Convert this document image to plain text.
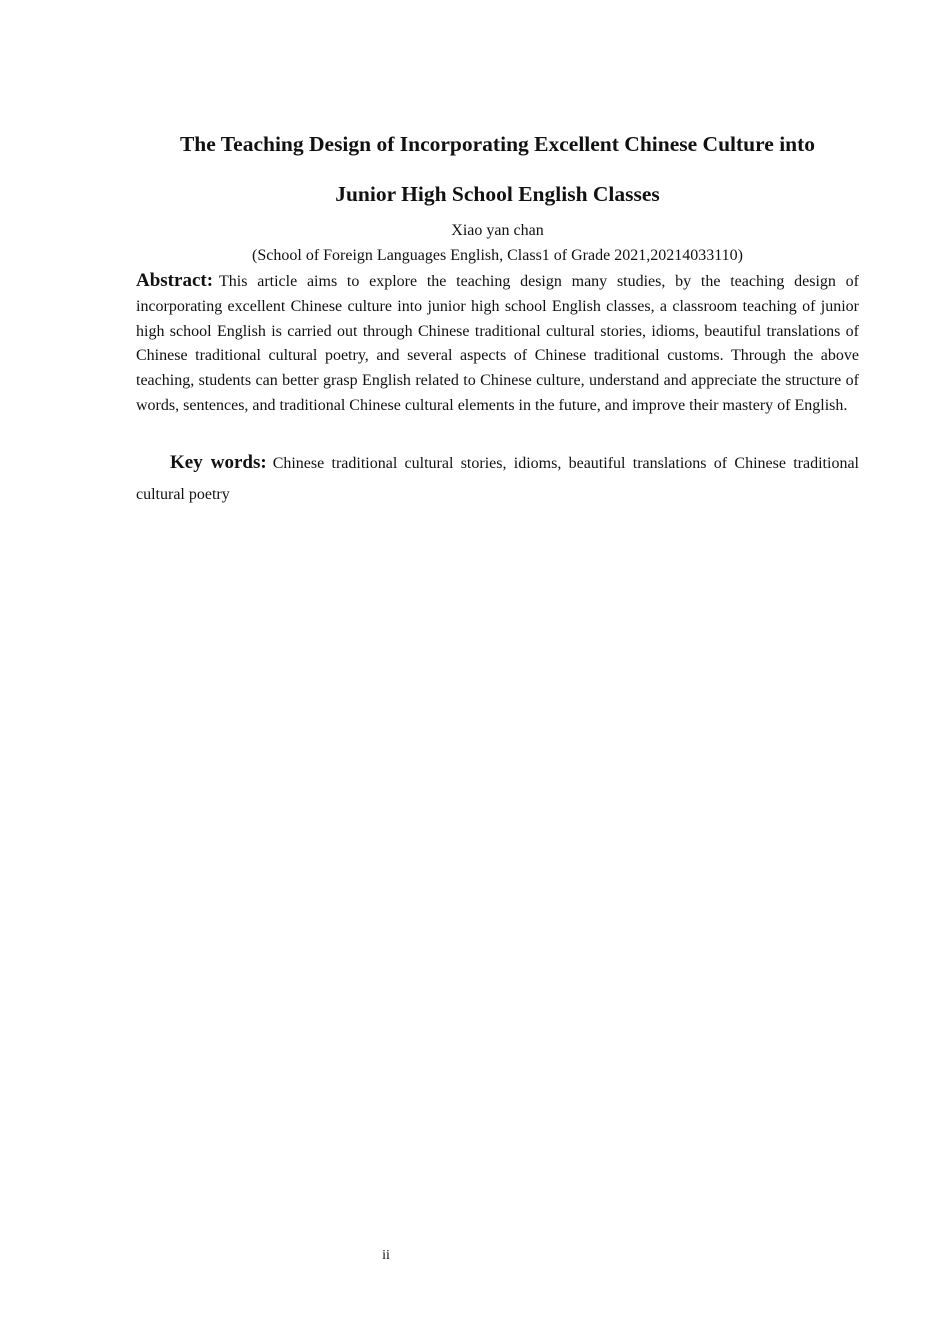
The Teaching Design of Incorporating Excellent Chinese Culture into
Junior High School English Classes
Xiao yan chan
(School of Foreign Languages English, Class1 of Grade 2021,20214033110)

Abstract: This article aims to explore the teaching design many studies, by the teaching design of incorporating excellent Chinese culture into junior high school English classes, a classroom teaching of junior high school English is carried out through Chinese traditional cultural stories, idioms, beautiful translations of Chinese traditional cultural poetry, and several aspects of Chinese traditional customs. Through the above teaching, students can better grasp English related to Chinese culture, understand and appreciate the structure of words, sentences, and traditional Chinese cultural elements in the future, and improve their mastery of English.

Key words: Chinese traditional cultural stories, idioms, beautiful translations of Chinese traditional cultural poetry

ii
